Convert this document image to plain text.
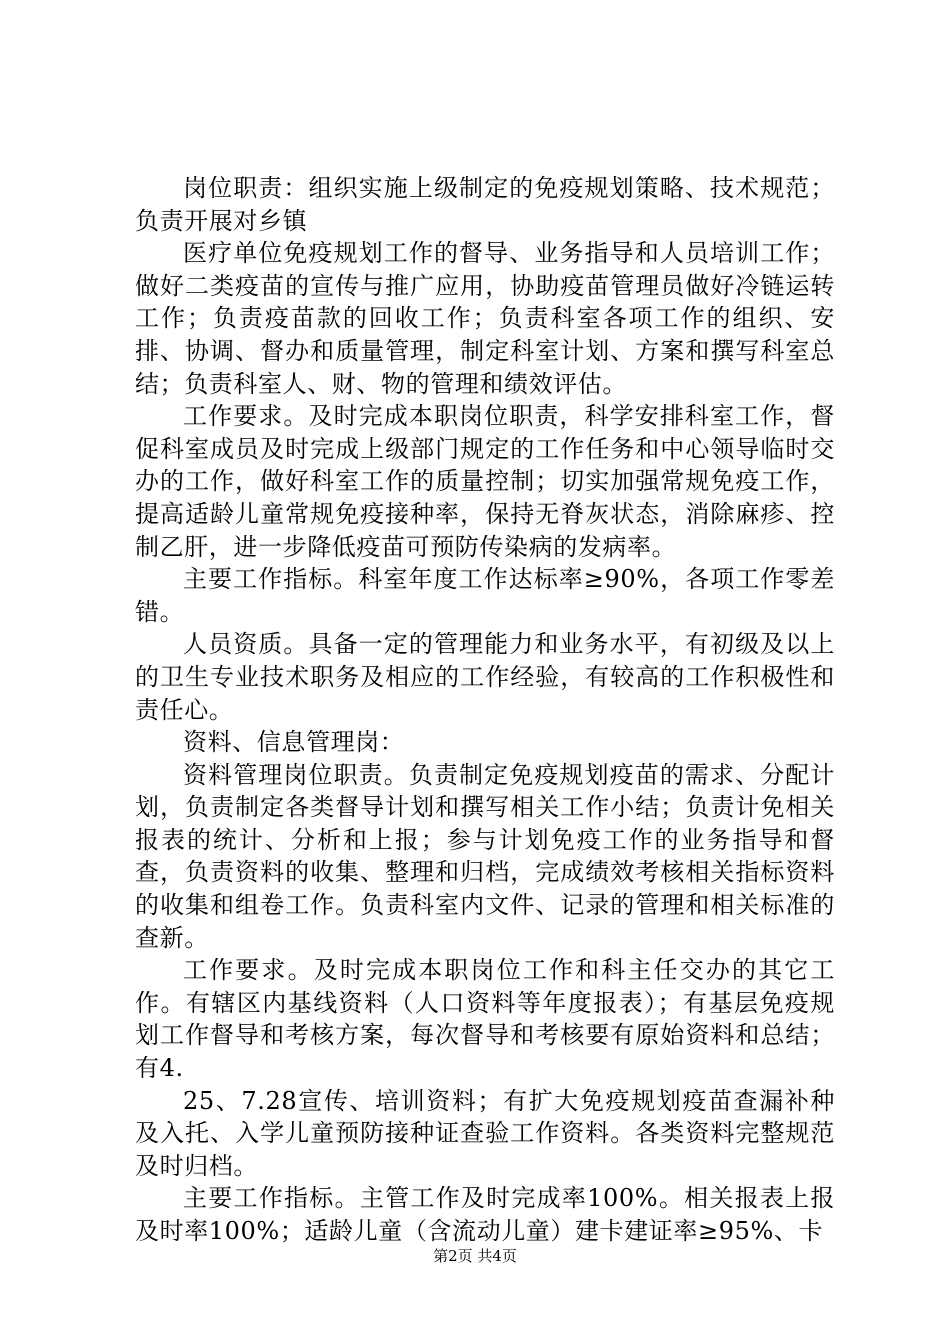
岗位职责：组织实施上级制定的免疫规划策略、技术规范；负责开展对乡镇

医疗单位免疫规划工作的督导、业务指导和人员培训工作；做好二类疫苗的宣传与推广应用，协助疫苗管理员做好冷链运转工作；负责疫苗款的回收工作；负责科室各项工作的组织、安排、协调、督办和质量管理，制定科室计划、方案和撰写科室总结；负责科室人、财、物的管理和绩效评估。

工作要求。及时完成本职岗位职责，科学安排科室工作，督促科室成员及时完成上级部门规定的工作任务和中心领导临时交办的工作，做好科室工作的质量控制；切实加强常规免疫工作，提高适龄儿童常规免疫接种率，保持无脊灰状态，消除麻疹、控制乙肝，进一步降低疫苗可预防传染病的发病率。

主要工作指标。科室年度工作达标率≥90%，各项工作零差错。

人员资质。具备一定的管理能力和业务水平，有初级及以上的卫生专业技术职务及相应的工作经验，有较高的工作积极性和责任心。

资料、信息管理岗：

资料管理岗位职责。负责制定免疫规划疫苗的需求、分配计划，负责制定各类督导计划和撰写相关工作小结；负责计免相关报表的统计、分析和上报；参与计划免疫工作的业务指导和督查，负责资料的收集、整理和归档，完成绩效考核相关指标资料的收集和组卷工作。负责科室内文件、记录的管理和相关标准的查新。

工作要求。及时完成本职岗位工作和科主任交办的其它工作。有辖区内基线资料（人口资料等年度报表）；有基层免疫规划工作督导和考核方案，每次督导和考核要有原始资料和总结；有4.

25、7.28宣传、培训资料；有扩大免疫规划疫苗查漏补种及入托、入学儿童预防接种证查验工作资料。各类资料完整规范及时归档。

主要工作指标。主管工作及时完成率100%。相关报表上报及时率100%；适龄儿童（含流动儿童）建卡建证率≥95%、卡

第2页 共4页
